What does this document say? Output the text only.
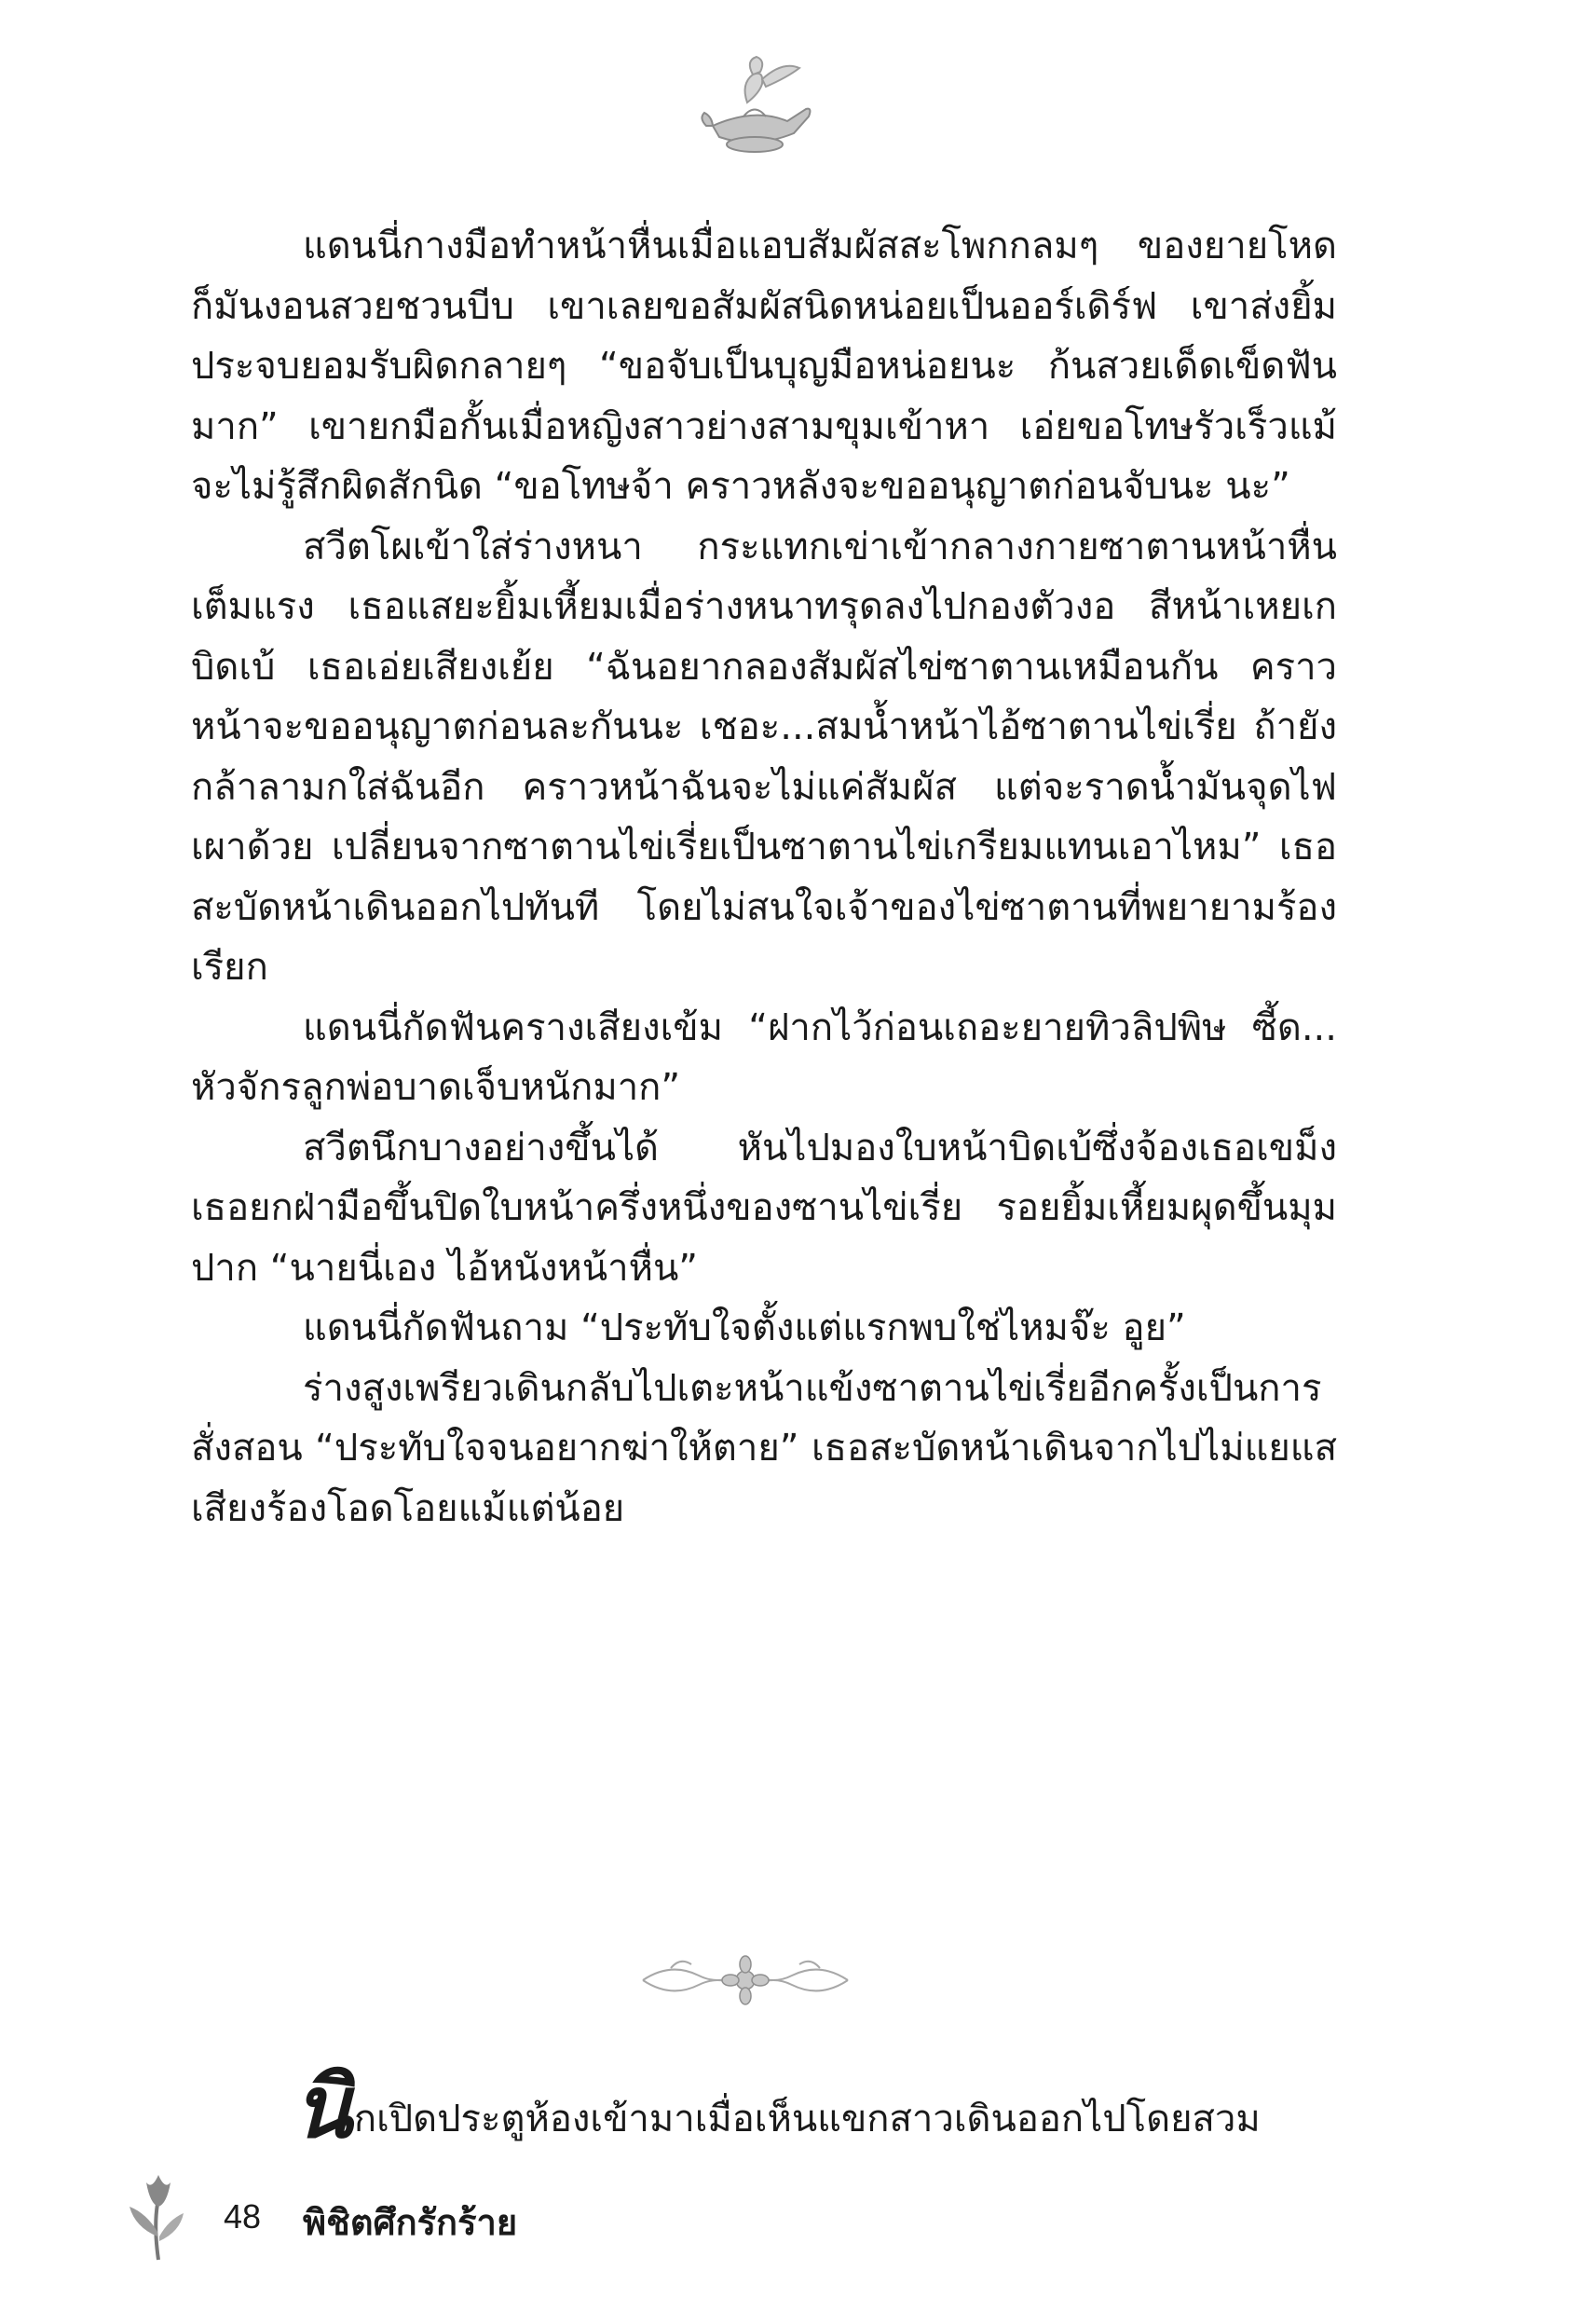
แดนนี่กางมือทำหน้าหื่นเมื่อแอบสัมผัสสะโพกกลมๆ ของยายโหด ก็มันงอนสวยชวนบีบ เขาเลยขอสัมผัสนิดหน่อยเป็นออร์เดิร์ฟ เขาส่งยิ้มประจบยอมรับผิดกลายๆ “ขอจับเป็นบุญมือหน่อยนะ ก้นสวยเด็ดเข็ดฟันมาก” เขายกมือกั้นเมื่อหญิงสาวย่างสามขุมเข้าหา เอ่ยขอโทษรัวเร็วแม้จะไม่รู้สึกผิดสักนิด “ขอโทษจ้า คราวหลังจะขออนุญาตก่อนจับนะ นะ”

สวีตโผเข้าใส่ร่างหนา กระแทกเข่าเข้ากลางกายซาตานหน้าหื่นเต็มแรง เธอแสยะยิ้มเหี้ยมเมื่อร่างหนาทรุดลงไปกองตัวงอ สีหน้าเหยเกบิดเบ้ เธอเอ่ยเสียงเย้ย “ฉันอยากลองสัมผัสไข่ซาตานเหมือนกัน คราวหน้าจะขออนุญาตก่อนละกันนะ เชอะ...สมน้ำหน้าไอ้ซาตานไข่เรี่ย ถ้ายังกล้าลามกใส่ฉันอีก คราวหน้าฉันจะไม่แค่สัมผัส แต่จะราดน้ำมันจุดไฟเผาด้วย เปลี่ยนจากซาตานไข่เรี่ยเป็นซาตานไข่เกรียมแทนเอาไหม” เธอสะบัดหน้าเดินออกไปทันที โดยไม่สนใจเจ้าของไข่ซาตานที่พยายามร้องเรียก

แดนนี่กัดฟันครางเสียงเข้ม “ฝากไว้ก่อนเถอะยายทิวลิปพิษ ซี้ด... หัวจักรลูกพ่อบาดเจ็บหนักมาก”

สวีตนึกบางอย่างขึ้นได้ หันไปมองใบหน้าบิดเบ้ซึ่งจ้องเธอเขม็ง เธอยกฝ่ามือขึ้นปิดใบหน้าครึ่งหนึ่งของซานไข่เรี่ย รอยยิ้มเหี้ยมผุดขึ้นมุมปาก “นายนี่เอง ไอ้หนังหน้าหื่น”

แดนนี่กัดฟันถาม “ประทับใจตั้งแต่แรกพบใช่ไหมจ๊ะ อูย”

ร่างสูงเพรียวเดินกลับไปเตะหน้าแข้งซาตานไข่เรี่ยอีกครั้งเป็นการสั่งสอน “ประทับใจจนอยากฆ่าให้ตาย” เธอสะบัดหน้าเดินจากไปไม่แยแสเสียงร้องโอดโอยแม้แต่น้อย

นิกเปิดประตูห้องเข้ามาเมื่อเห็นแขกสาวเดินออกไปโดยสวม
48 พิชิตศึกรักร้าย
